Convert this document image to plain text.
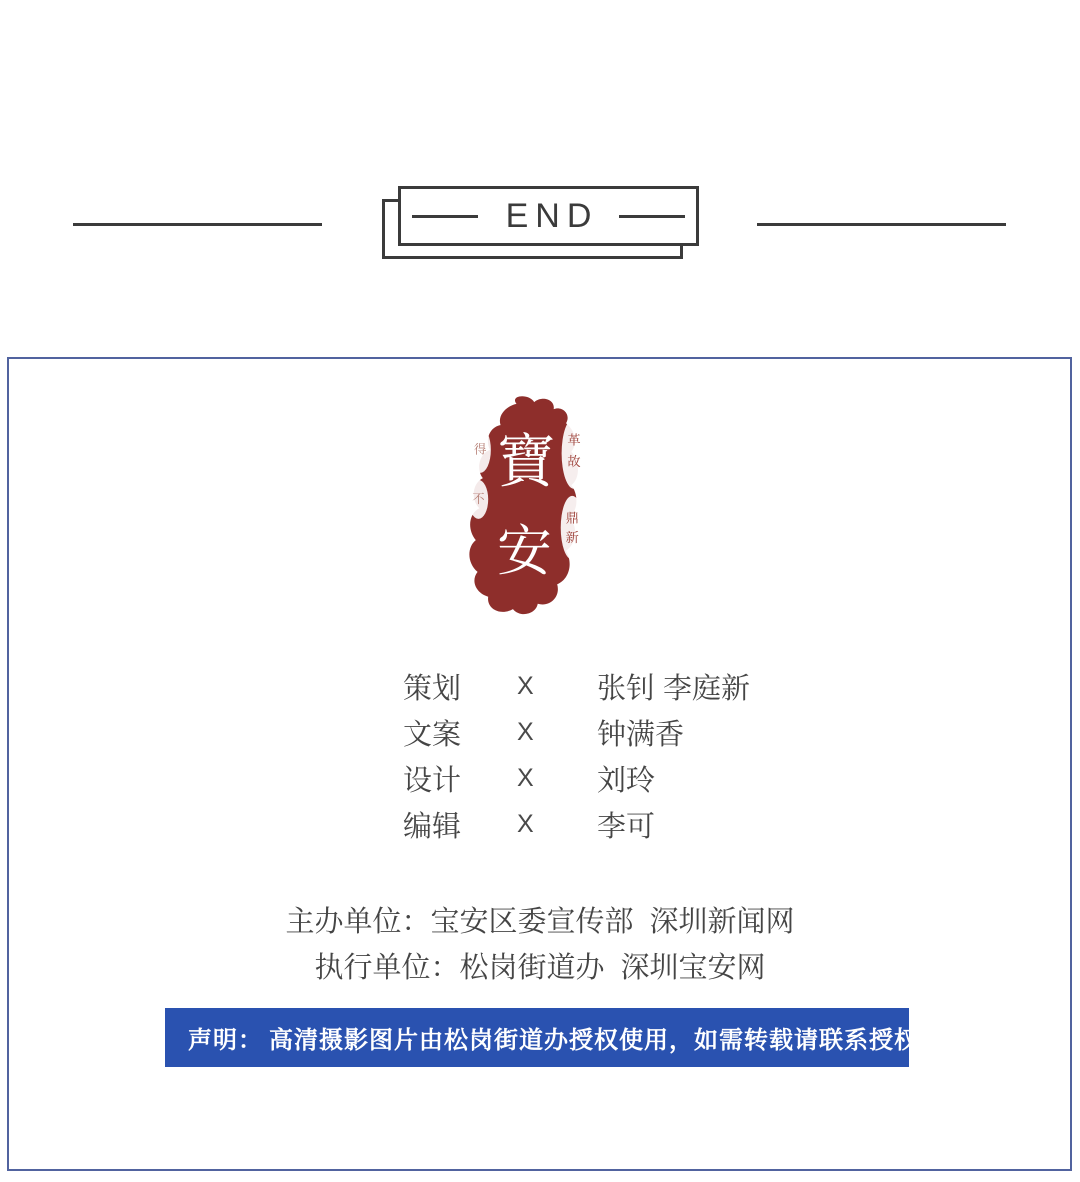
END
寶
安
革
故
鼎
新
得
不
策划	X	张钊 李庭新
文案	X	钟满香
设计	X	刘玲
编辑	X	李可
主办单位：宝安区委宣传部  深圳新闻网
执行单位：松岗街道办  深圳宝安网
声明： 高清摄影图片由松岗街道办授权使用，如需转载请联系授权。
